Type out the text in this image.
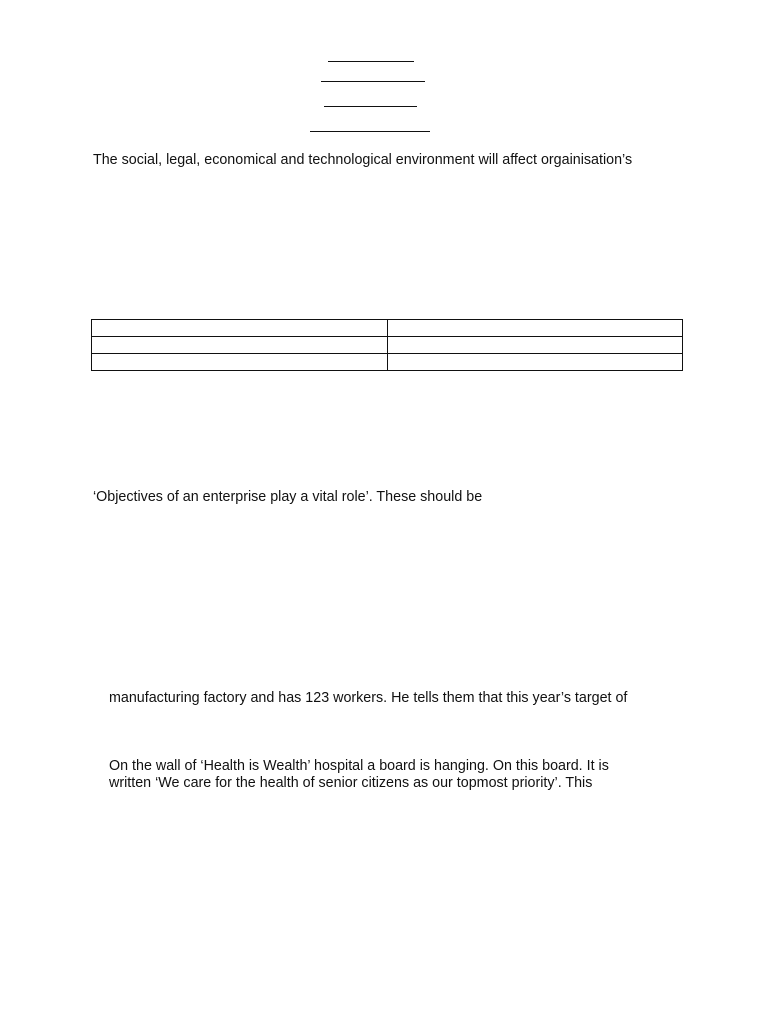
The social, legal, economical and technological environment will affect orgainisation’s

‘Objectives of an enterprise play a vital role’. These should be
manufacturing factory and has 123 workers. He tells them that this year’s target of
On the wall of ‘Health is Wealth’ hospital a board is hanging. On this board. It is
written ‘We care for the health of senior citizens as our topmost priority’. This
